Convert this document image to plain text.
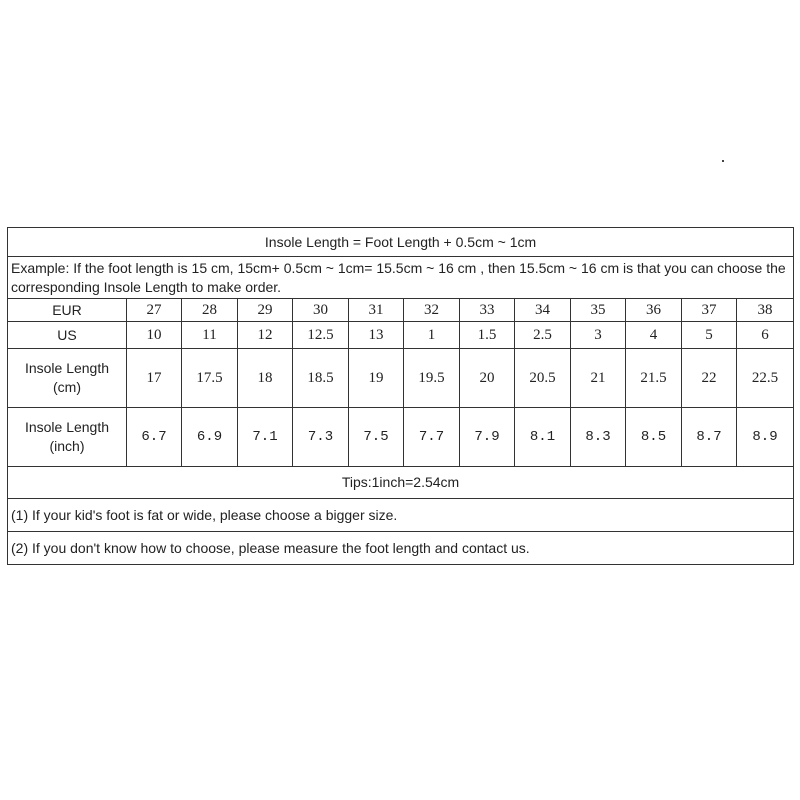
Insole Length = Foot Length + 0.5cm ~ 1cm												
Example: If the foot length is 15 cm, 15cm+ 0.5cm ~ 1cm= 15.5cm ~ 16 cm , then 15.5cm ~ 16 cm is that you can choose the corresponding Insole Length to make order.												
EUR	27	28	29	30	31	32	33	34	35	36	37	38
US	10	11	12	12.5	13	1	1.5	2.5	3	4	5	6

Insole Length
(cm)	17	17.5	18	18.5	19	19.5	20	20.5	21	21.5	22	22.5

Insole Length
(inch)	6.7	6.9	7.1	7.3	7.5	7.7	7.9	8.1	8.3	8.5	8.7	8.9
Tips:1inch=2.54cm												
(1) If your kid's foot is fat or wide, please choose a bigger size.												
(2) If you don't know how to choose, please measure the foot length and contact us.												
